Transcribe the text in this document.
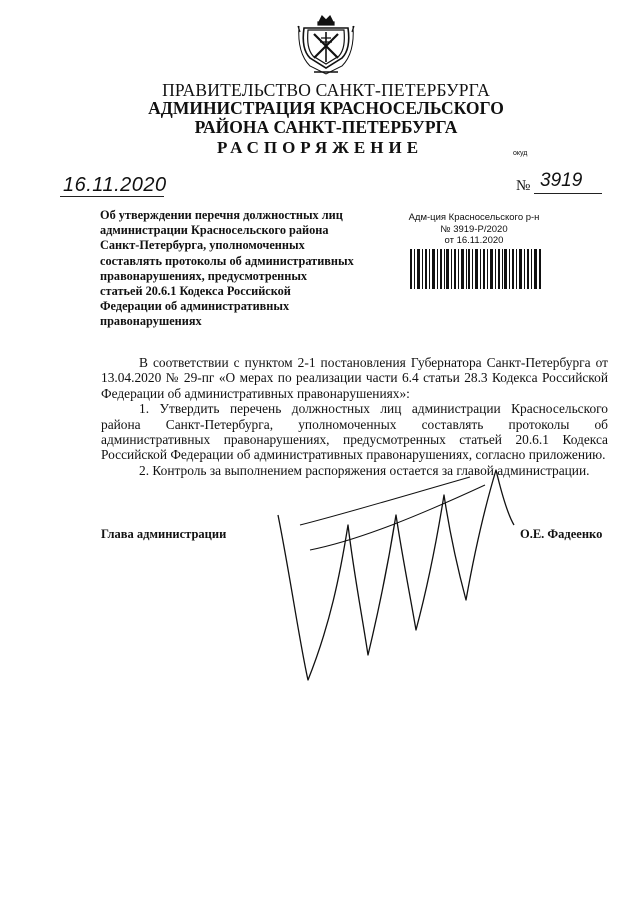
ПРАВИТЕЛЬСТВО САНКТ-ПЕТЕРБУРГА
АДМИНИСТРАЦИЯ КРАСНОСЕЛЬСКОГО
РАЙОНА САНКТ-ПЕТЕРБУРГА
РАСПОРЯЖЕНИЕ	окуд
16.11.2020	№ 3919
Об утверждении перечня должностных лиц
администрации Красносельского района
Санкт-Петербурга, уполномоченных
составлять протоколы об административных
правонарушениях, предусмотренных
статьей 20.6.1 Кодекса Российской
Федерации об административных
правонарушениях
Адм-ция Красносельского р-н
№ 3919-Р/2020
от 16.11.2020

В соответствии с пунктом 2-1 постановления Губернатора Санкт-Петербурга от 13.04.2020 № 29-пг «О мерах по реализации части 6.4 статьи 28.3 Кодекса Российской Федерации об административных правонарушениях»:

1. Утвердить перечень должностных лиц администрации Красносельского района Санкт-Петербурга, уполномоченных составлять протоколы об административных правонарушениях, предусмотренных статьей 20.6.1 Кодекса Российской Федерации об административных правонарушениях, согласно приложению.

2. Контроль за выполнением распоряжения остается за главой администрации.

Глава администрации	О.Е. Фадеенко
